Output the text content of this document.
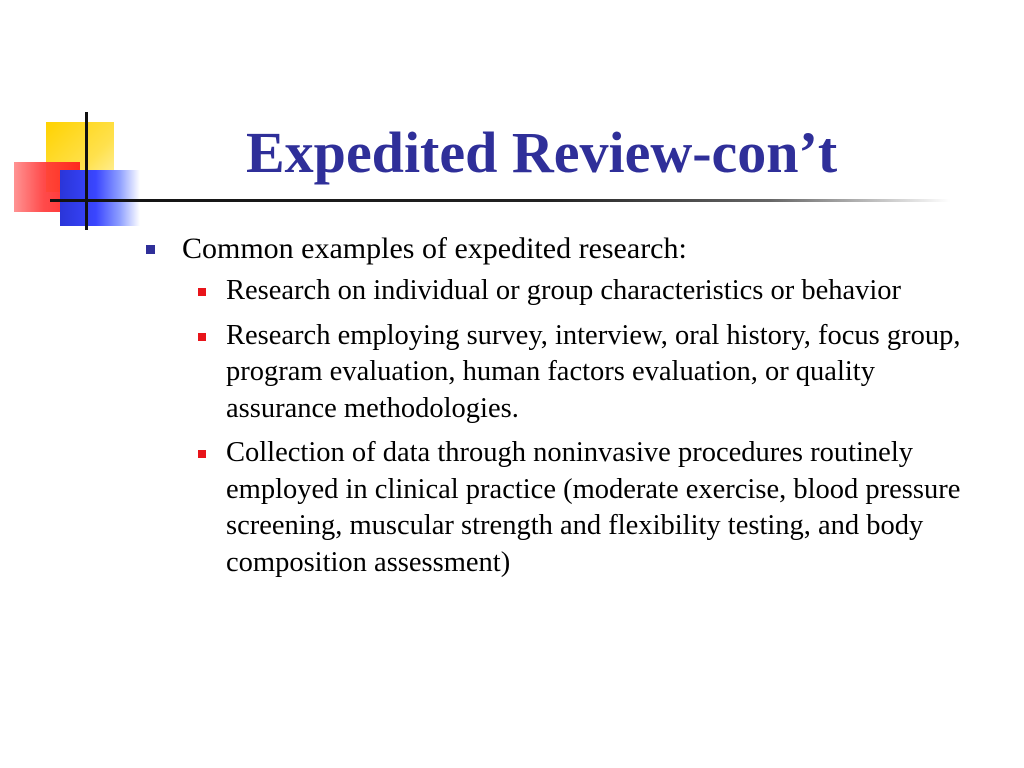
Expedited Review-con’t
Common examples of expedited research:
Research on individual or group characteristics or behavior
Research employing survey, interview, oral history, focus group, program evaluation, human factors evaluation, or quality assurance methodologies.
Collection of data through noninvasive procedures routinely employed in clinical practice (moderate exercise, blood pressure screening, muscular strength and flexibility testing, and body composition assessment)
